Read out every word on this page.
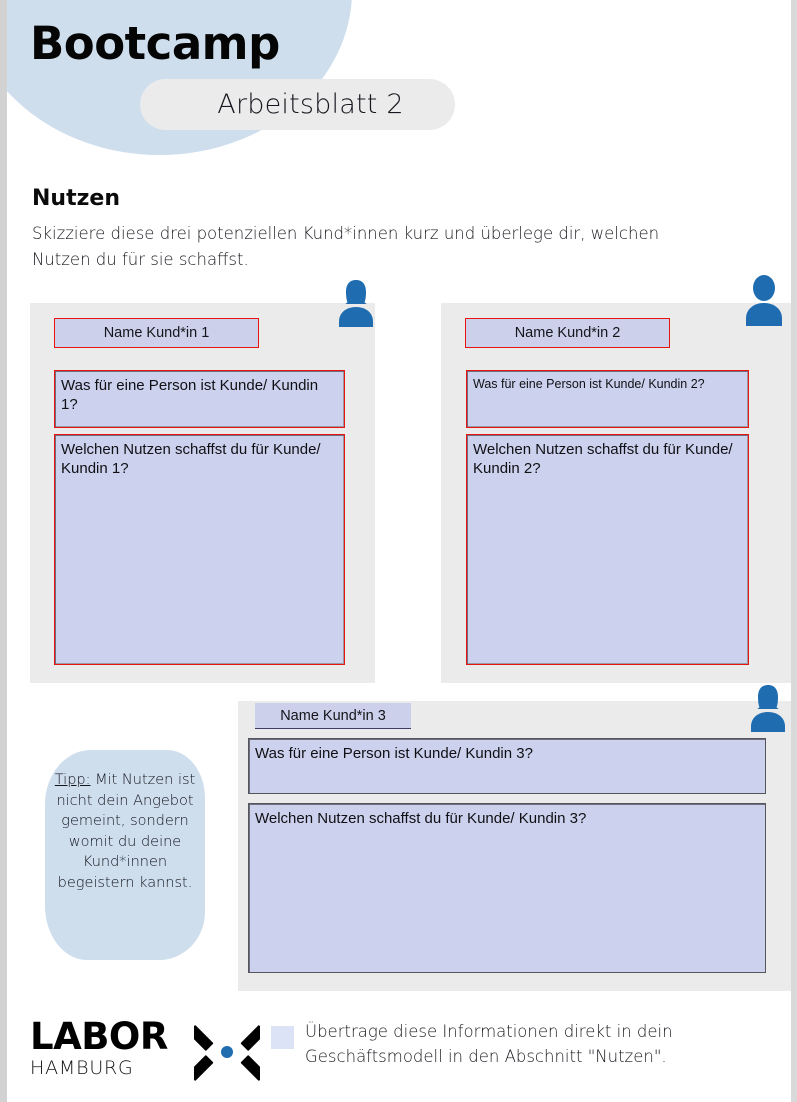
Bootcamp
Arbeitsblatt 2
Nutzen
Skizziere diese drei potenziellen Kund*innen kurz und überlege dir, welchen Nutzen du für sie schaffst.
Name Kund*in 1
Was für eine Person ist Kunde/ Kundin 1?
Welchen Nutzen schaffst du für Kunde/ Kundin 1?
Name Kund*in 2
Was für eine Person ist Kunde/ Kundin 2?
Welchen Nutzen schaffst du für Kunde/ Kundin 2?
Name Kund*in 3
Was für eine Person ist Kunde/ Kundin 3?
Welchen Nutzen schaffst du für Kunde/ Kundin 3?
Tipp: Mit Nutzen ist nicht dein Angebot gemeint, sondern womit du deine Kund*innen begeistern kannst.
LABOR
HAMBURG
Übertrage diese Informationen direkt in dein Geschäftsmodell in den Abschnitt "Nutzen".
